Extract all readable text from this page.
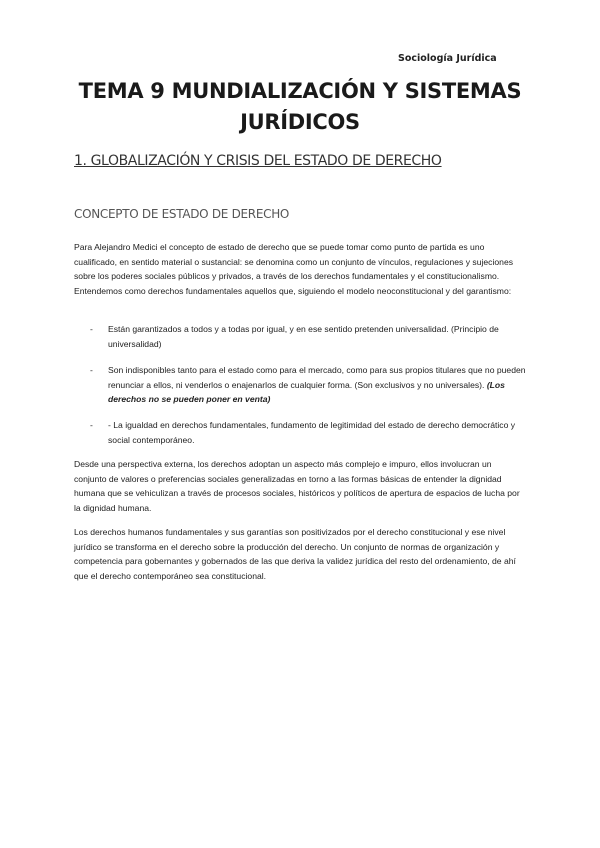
Sociología Jurídica
TEMA 9 MUNDIALIZACIÓN Y SISTEMAS JURÍDICOS
1. GLOBALIZACIÓN Y CRISIS DEL ESTADO DE DERECHO
CONCEPTO DE ESTADO DE DERECHO

Para Alejandro Medici el concepto de estado de derecho que se puede tomar como punto de partida es uno cualificado, en sentido material o sustancial: se denomina como un conjunto de vínculos, regulaciones y sujeciones sobre los poderes sociales públicos y privados, a través de los derechos fundamentales y el constitucionalismo. Entendemos como derechos fundamentales aquellos que, siguiendo el modelo neoconstitucional y del garantismo:

- Están garantizados a todos y a todas por igual, y en ese sentido pretenden universalidad. (Principio de universalidad)
- Son indisponibles tanto para el estado como para el mercado, como para sus propios titulares que no pueden renunciar a ellos, ni venderlos o enajenarlos de cualquier forma. (Son exclusivos y no universales). (Los derechos no se pueden poner en venta)
- - La igualdad en derechos fundamentales, fundamento de legitimidad del estado de derecho democrático y social contemporáneo.

Desde una perspectiva externa, los derechos adoptan un aspecto más complejo e impuro, ellos involucran un conjunto de valores o preferencias sociales generalizadas en torno a las formas básicas de entender la dignidad humana que se vehiculizan a través de procesos sociales, históricos y políticos de apertura de espacios de lucha por la dignidad humana.

Los derechos humanos fundamentales y sus garantías son positivizados por el derecho constitucional y ese nivel jurídico se transforma en el derecho sobre la producción del derecho. Un conjunto de normas de organización y competencia para gobernantes y gobernados de las que deriva la validez jurídica del resto del ordenamiento, de ahí que el derecho contemporáneo sea constitucional.
